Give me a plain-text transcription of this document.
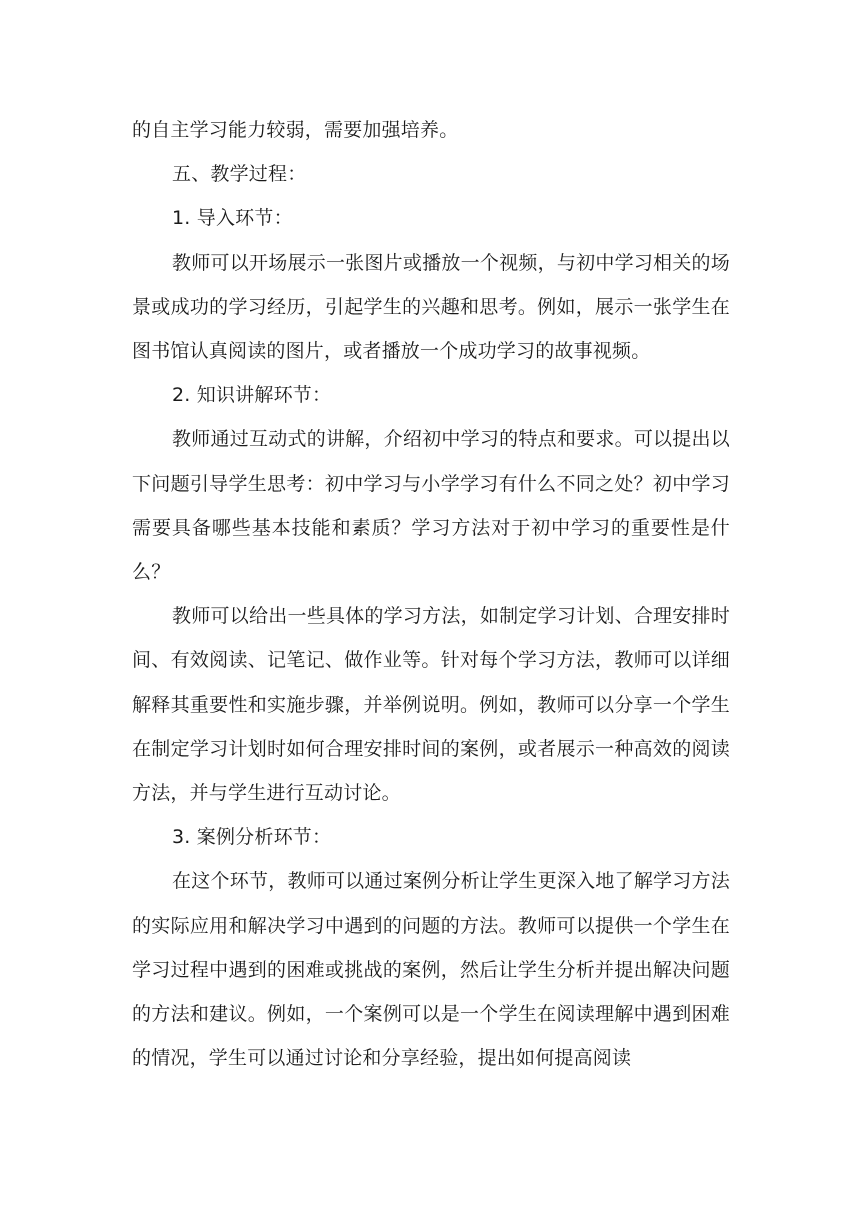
的自主学习能力较弱，需要加强培养。

五、教学过程：

1. 导入环节：

教师可以开场展示一张图片或播放一个视频，与初中学习相关的场景或成功的学习经历，引起学生的兴趣和思考。例如，展示一张学生在图书馆认真阅读的图片，或者播放一个成功学习的故事视频。

2. 知识讲解环节：

教师通过互动式的讲解，介绍初中学习的特点和要求。可以提出以下问题引导学生思考：初中学习与小学学习有什么不同之处？初中学习需要具备哪些基本技能和素质？学习方法对于初中学习的重要性是什么？

教师可以给出一些具体的学习方法，如制定学习计划、合理安排时间、有效阅读、记笔记、做作业等。针对每个学习方法，教师可以详细解释其重要性和实施步骤，并举例说明。例如，教师可以分享一个学生在制定学习计划时如何合理安排时间的案例，或者展示一种高效的阅读方法，并与学生进行互动讨论。

3. 案例分析环节：

在这个环节，教师可以通过案例分析让学生更深入地了解学习方法的实际应用和解决学习中遇到的问题的方法。教师可以提供一个学生在学习过程中遇到的困难或挑战的案例，然后让学生分析并提出解决问题的方法和建议。例如，一个案例可以是一个学生在阅读理解中遇到困难的情况，学生可以通过讨论和分享经验，提出如何提高阅读
